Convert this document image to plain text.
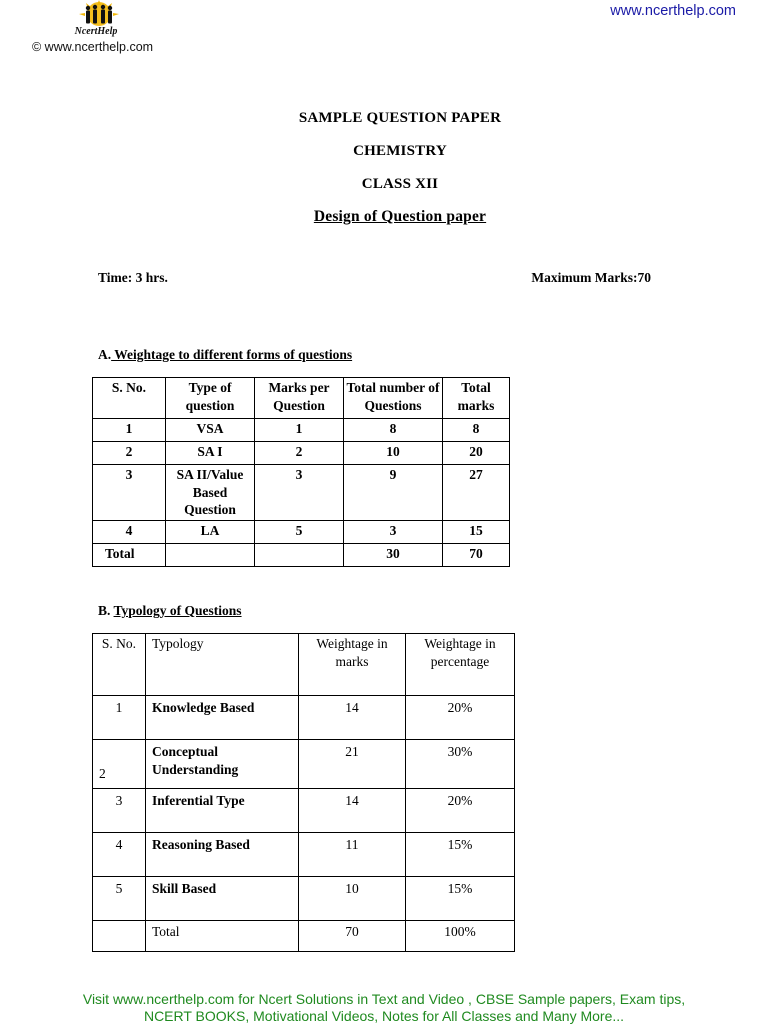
NcertHelp
© www.ncerthelp.com
www.ncerthelp.com
SAMPLE QUESTION PAPER
CHEMISTRY
CLASS XII
Design of Question paper
Time: 3 hrs.	Maximum Marks:70
A. Weightage to different forms of questions
S. No.	Type of question	Marks per Question	Total number of Questions	Total marks
1	VSA	1	8	8
2	SA I	2	10	20
3	SA II/Value Based Question	3	9	27
4	LA	5	3	15
Total			30	70
B. Typology of Questions
S. No.	Typology	Weightage in marks	Weightage in percentage
1	Knowledge Based	14	20%
2	Conceptual Understanding	21	30%
3	Inferential Type	14	20%
4	Reasoning Based	11	15%
5	Skill Based	10	15%
	Total	70	100%
Visit www.ncerthelp.com for Ncert Solutions in Text and Video , CBSE Sample papers, Exam tips,
NCERT BOOKS, Motivational Videos, Notes for All Classes and Many More...
